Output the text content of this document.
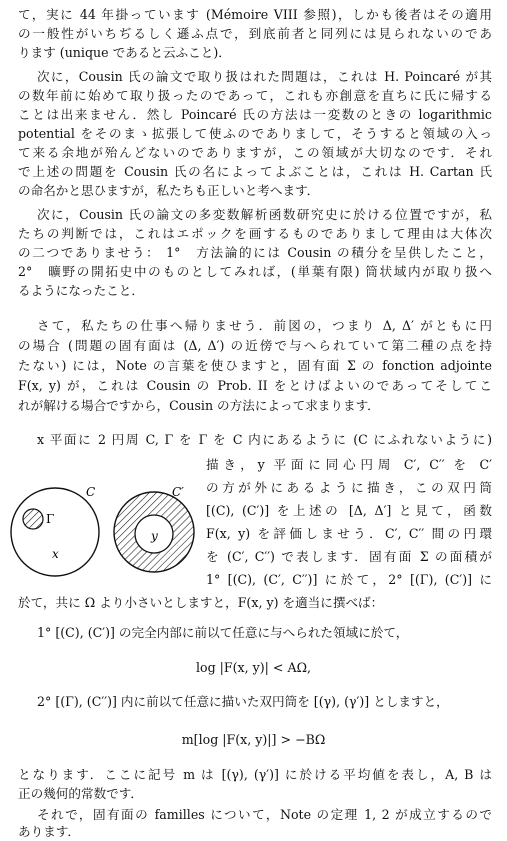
て，実に 44 年掛っています (Mémoire VIII 参照)，しかも後者はその適用
の一般性がいちぢるしく遜ふ点で，到底前者と同列には見られないのであ
ります (unique であると云ふこと)．
次に，Cousin 氏の論文で取り扱はれた問題は，これは H. Poincaré が其
の数年前に始めて取り扱ったのであって，これも亦創意を直ちに氏に帰する
ことは出来ません．然し Poincaré 氏の方法は一変数のときの logarithmic
potential をそのまゝ拡張して使ふのでありまして，そうすると領域の入っ
て来る余地が殆んどないのでありますが，この領域が大切なのです．それ
で上述の問題を Cousin 氏の名によってよぶことは，これは H. Cartan 氏
の命名かと思ひますが，私たちも正しいと考へます．
次に，Cousin 氏の論文の多変数解析函数研究史に於ける位置ですが，私
たちの判断では，これはエポックを画するものでありまして理由は大体次
の二つでありませう： 1°　方法論的には Cousin の積分を呈供したこと，
2°　曠野の開拓史中のものとしてみれば，(単葉有限) 筒状域内が取り扱へ
るようになったこと．
さて，私たちの仕事へ帰りませう．前図の，つまり Δ, Δ′ がともに円
の場合 (問題の固有面は (Δ, Δ′) の近傍で与へられていて第二種の点を持
たない) には，Note の言葉を使ひますと，固有面 Σ の fonction adjointe
F(x, y) が，これは Cousin の Prob. II をとけばよいのであってそしてこ
れが解ける場合ですから，Cousin の方法によって求まります．
x 平面に 2 円周 C, Γ を Γ を C 内にあるように (C にふれないように)
描き，y 平面に同心円周 C′, C′′ を C′
の方が外にあるように描き，この双円筒
[(C), (C′)] を上述の [Δ, Δ′] と見て，函数
F(x, y) を評価しませう．C′, C′′ 間の円環
を (C′, C′′) で表します．固有面 Σ の面積が
1° [(C), (C′, C′′)] に於て，2° [(Γ), (C′)] に
於て，共に Ω より小さいとしますと，F(x, y) を適当に撰べば：
1° [(C), (C′)] の完全内部に前以て任意に与へられた領域に於て，
log |F(x, y)| < AΩ,
2° [(Γ), (C′′)] 内に前以て任意に描いた双円筒を [(γ), (γ′)] としますと，
m[log |F(x, y)|] > −BΩ
となります．ここに記号 m は [(γ), (γ′)] に於ける平均値を表し，A, B は
正の幾何的常数です．
それで，固有面の familles について，Note の定理 1, 2 が成立するので
Γ
C
x
C′
y
あります．
